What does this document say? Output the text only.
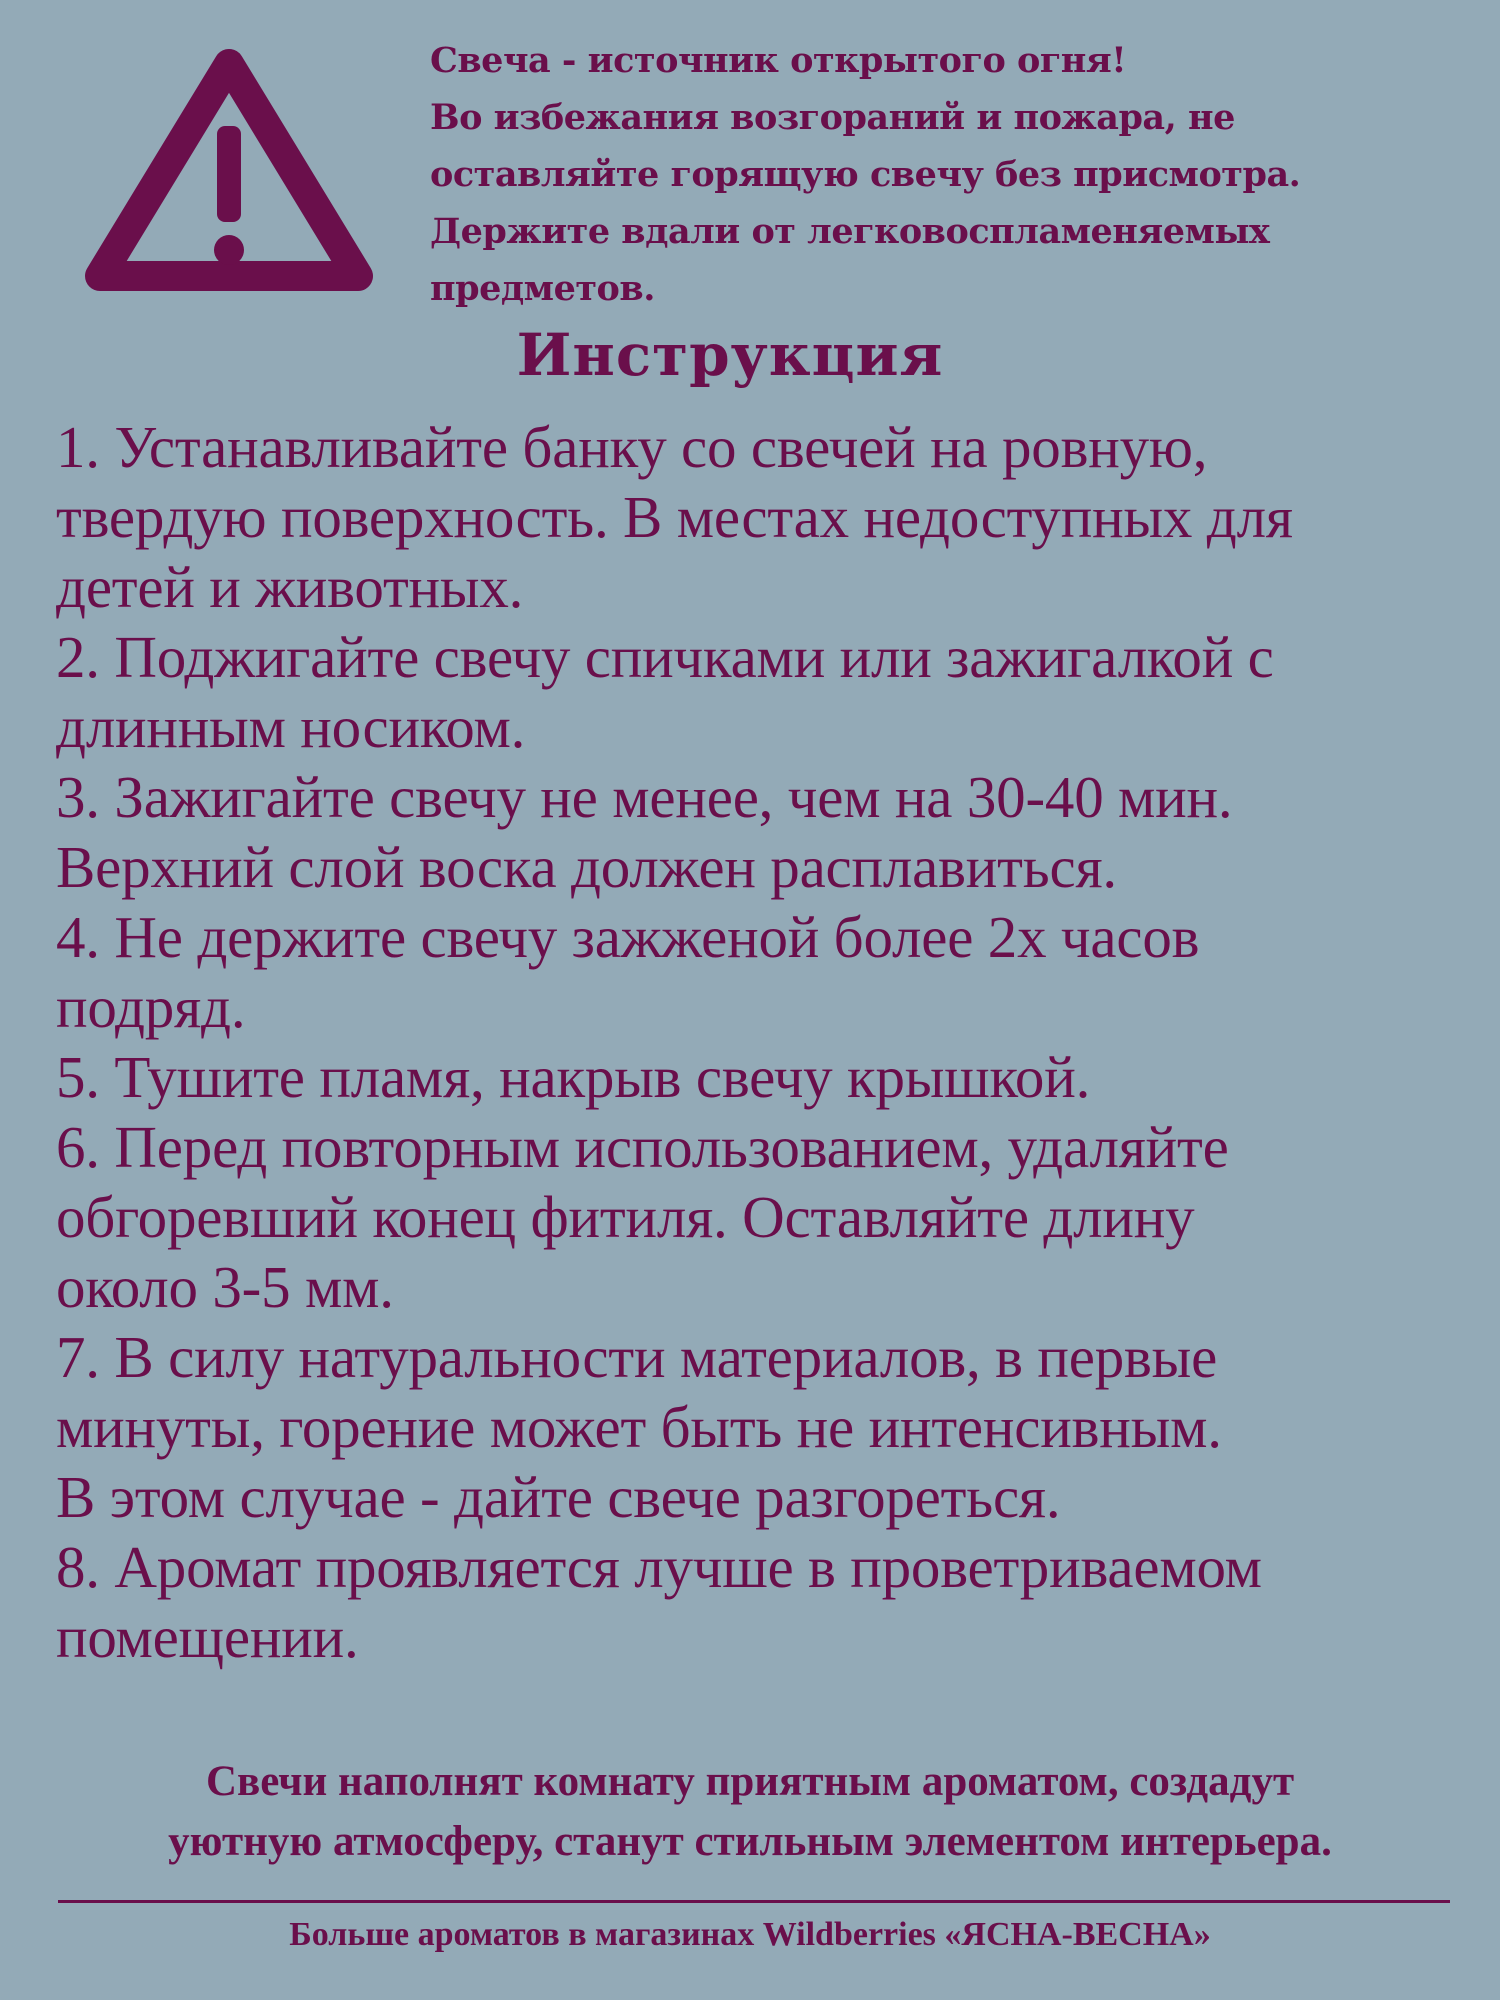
Свеча - источник открытого огня!
Во избежания возгораний и пожара, не
оставляйте горящую свечу без присмотра.
Держите вдали от легковоспламеняемых
предметов.
Инструкция
1. Устанавливайте банку со свечей на ровную,
твердую поверхность. В местах недоступных для
детей и животных.
2. Поджигайте свечу спичками или зажигалкой с
длинным носиком.
3. Зажигайте свечу не менее, чем на 30-40 мин.
Верхний слой воска должен расплавиться.
4. Не держите свечу зажженой более 2х часов
подряд.
5. Тушите пламя, накрыв свечу крышкой.
6. Перед повторным использованием, удаляйте
обгоревший конец фитиля. Оставляйте длину
около 3-5 мм.
7. В силу натуральности материалов, в первые
минуты, горение может быть не интенсивным.
В этом случае - дайте свече разгореться.
8. Аромат проявляется лучше в проветриваемом
помещении.
Свечи наполнят комнату приятным ароматом, создадут
уютную атмосферу, станут стильным элементом интерьера.
Больше ароматов в магазинах Wildberries «ЯСНА-ВЕСНА»
